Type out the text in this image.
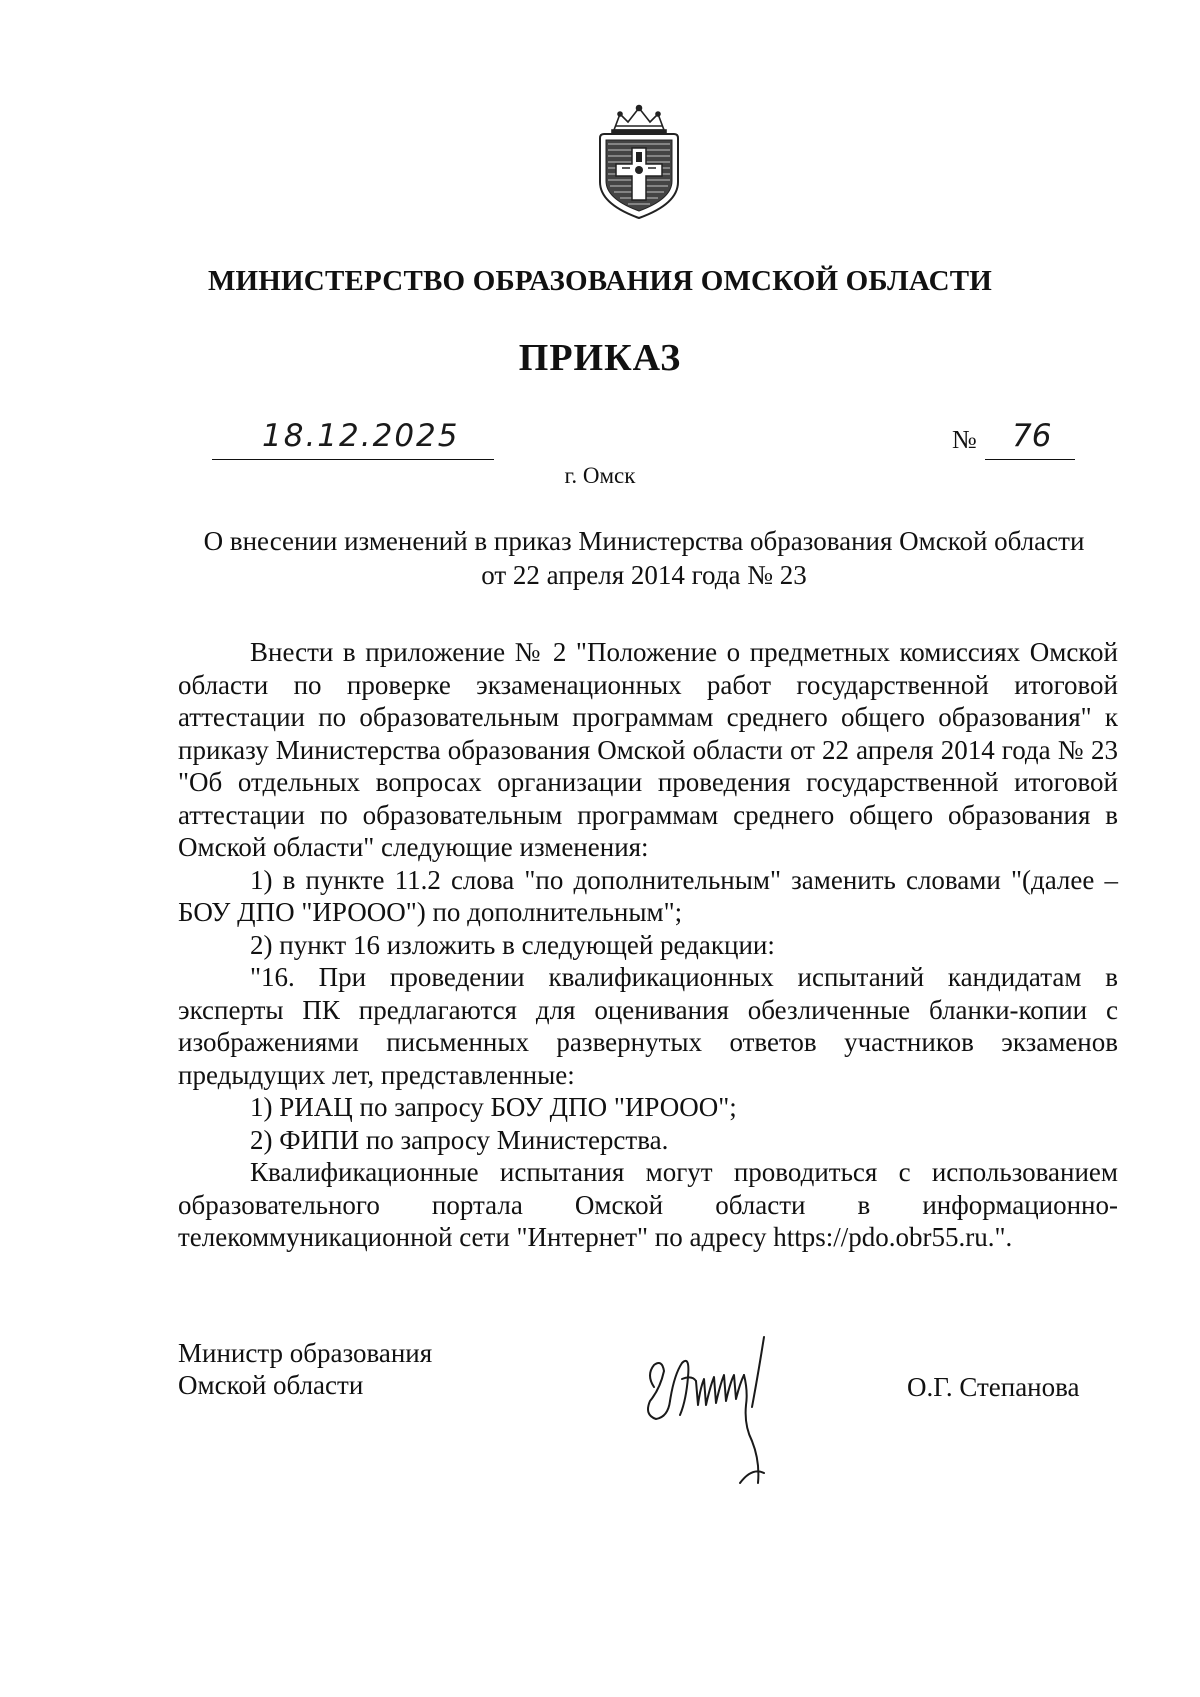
МИНИСТЕРСТВО ОБРАЗОВАНИЯ ОМСКОЙ ОБЛАСТИ
ПРИКАЗ
18.12.2025	№ 76
г. Омск
О внесении изменений в приказ Министерства образования Омской области
от 22 апреля 2014 года № 23

Внести в приложение № 2 "Положение о предметных комиссиях Омской области по проверке экзаменационных работ государственной итоговой аттестации по образовательным программам среднего общего образования" к приказу Министерства образования Омской области от 22 апреля 2014 года № 23 "Об отдельных вопросах организации проведения государственной итоговой аттестации по образовательным программам среднего общего образования в Омской области" следующие изменения:

1) в пункте 11.2 слова "по дополнительным" заменить словами "(далее – БОУ ДПО "ИРООО") по дополнительным";

2) пункт 16 изложить в следующей редакции:

"16. При проведении квалификационных испытаний кандидатам в эксперты ПК предлагаются для оценивания обезличенные бланки-копии с изображениями письменных развернутых ответов участников экзаменов предыдущих лет, представленные:

1) РИАЦ по запросу БОУ ДПО "ИРООО";

2) ФИПИ по запросу Министерства.

Квалификационные испытания могут проводиться с использованием образовательного портала Омской области в информационно-телекоммуникационной сети "Интернет" по адресу https://pdo.obr55.ru.".

Министр образования
Омской области	О.Г. Степанова
